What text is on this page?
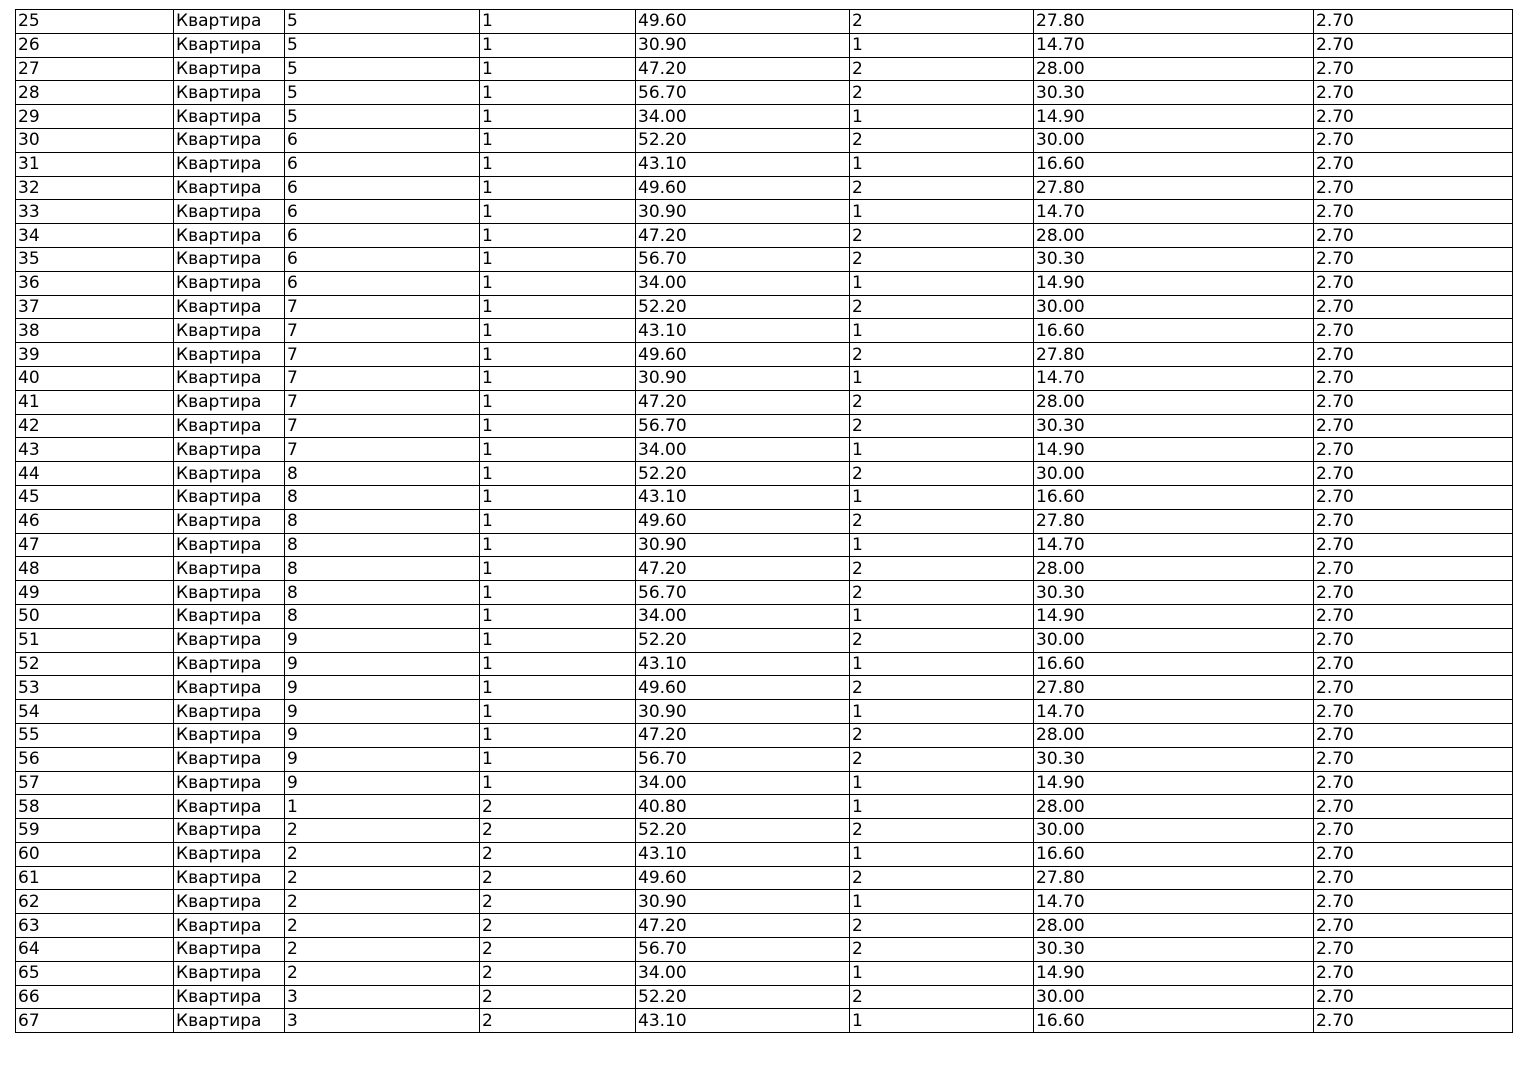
25	Квартира	5	1	49.60	2	27.80	2.70
26	Квартира	5	1	30.90	1	14.70	2.70
27	Квартира	5	1	47.20	2	28.00	2.70
28	Квартира	5	1	56.70	2	30.30	2.70
29	Квартира	5	1	34.00	1	14.90	2.70
30	Квартира	6	1	52.20	2	30.00	2.70
31	Квартира	6	1	43.10	1	16.60	2.70
32	Квартира	6	1	49.60	2	27.80	2.70
33	Квартира	6	1	30.90	1	14.70	2.70
34	Квартира	6	1	47.20	2	28.00	2.70
35	Квартира	6	1	56.70	2	30.30	2.70
36	Квартира	6	1	34.00	1	14.90	2.70
37	Квартира	7	1	52.20	2	30.00	2.70
38	Квартира	7	1	43.10	1	16.60	2.70
39	Квартира	7	1	49.60	2	27.80	2.70
40	Квартира	7	1	30.90	1	14.70	2.70
41	Квартира	7	1	47.20	2	28.00	2.70
42	Квартира	7	1	56.70	2	30.30	2.70
43	Квартира	7	1	34.00	1	14.90	2.70
44	Квартира	8	1	52.20	2	30.00	2.70
45	Квартира	8	1	43.10	1	16.60	2.70
46	Квартира	8	1	49.60	2	27.80	2.70
47	Квартира	8	1	30.90	1	14.70	2.70
48	Квартира	8	1	47.20	2	28.00	2.70
49	Квартира	8	1	56.70	2	30.30	2.70
50	Квартира	8	1	34.00	1	14.90	2.70
51	Квартира	9	1	52.20	2	30.00	2.70
52	Квартира	9	1	43.10	1	16.60	2.70
53	Квартира	9	1	49.60	2	27.80	2.70
54	Квартира	9	1	30.90	1	14.70	2.70
55	Квартира	9	1	47.20	2	28.00	2.70
56	Квартира	9	1	56.70	2	30.30	2.70
57	Квартира	9	1	34.00	1	14.90	2.70
58	Квартира	1	2	40.80	1	28.00	2.70
59	Квартира	2	2	52.20	2	30.00	2.70
60	Квартира	2	2	43.10	1	16.60	2.70
61	Квартира	2	2	49.60	2	27.80	2.70
62	Квартира	2	2	30.90	1	14.70	2.70
63	Квартира	2	2	47.20	2	28.00	2.70
64	Квартира	2	2	56.70	2	30.30	2.70
65	Квартира	2	2	34.00	1	14.90	2.70
66	Квартира	3	2	52.20	2	30.00	2.70
67	Квартира	3	2	43.10	1	16.60	2.70
